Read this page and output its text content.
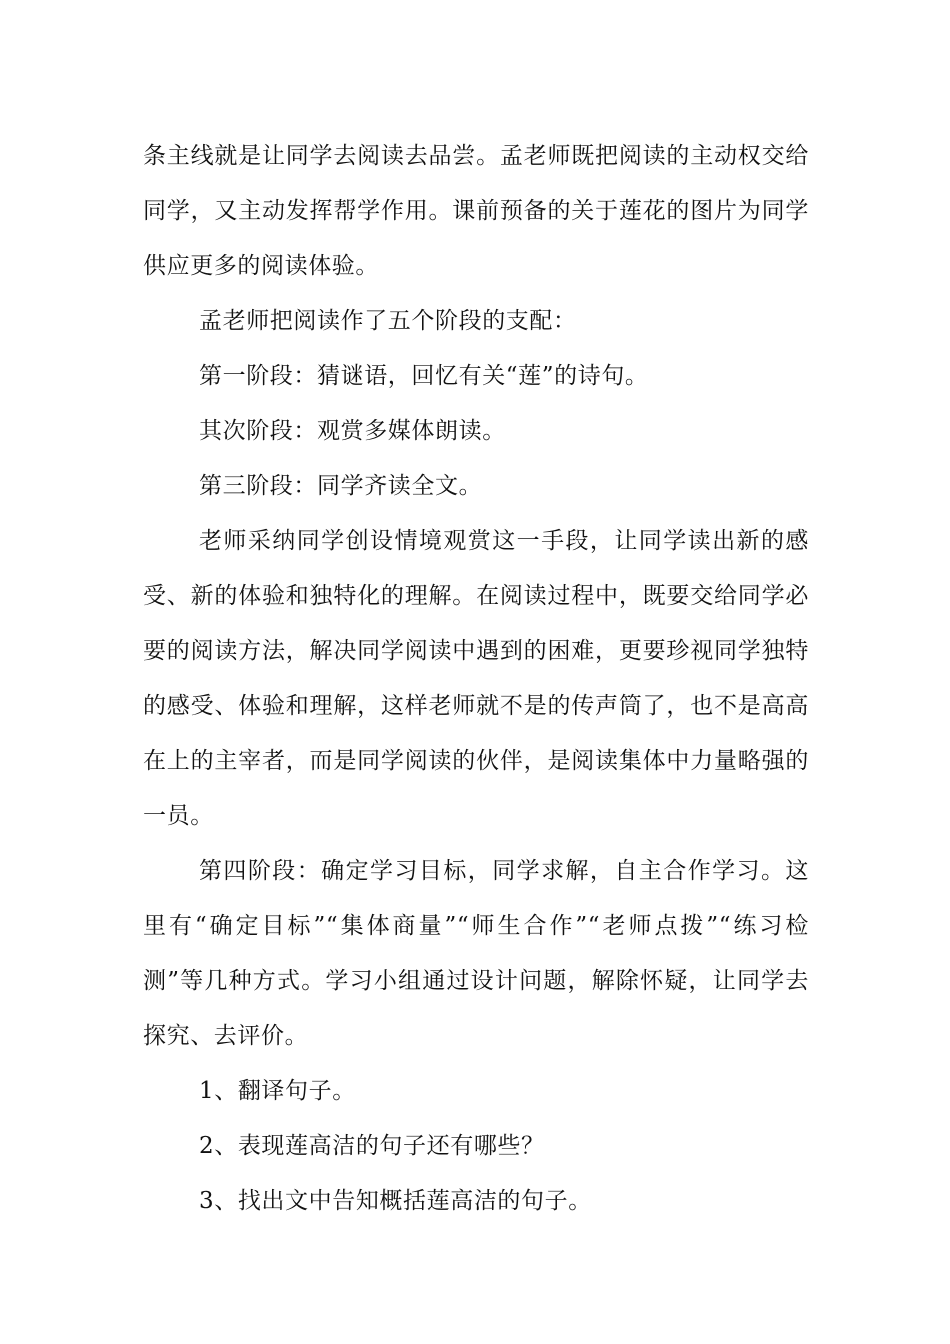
条主线就是让同学去阅读去品尝。孟老师既把阅读的主动权交给同学，又主动发挥帮学作用。课前预备的关于莲花的图片为同学供应更多的阅读体验。

孟老师把阅读作了五个阶段的支配：

第一阶段：猜谜语，回忆有关“莲”的诗句。

其次阶段：观赏多媒体朗读。

第三阶段：同学齐读全文。

老师采纳同学创设情境观赏这一手段，让同学读出新的感受、新的体验和独特化的理解。在阅读过程中，既要交给同学必要的阅读方法，解决同学阅读中遇到的困难，更要珍视同学独特的感受、体验和理解，这样老师就不是的传声筒了，也不是高高在上的主宰者，而是同学阅读的伙伴，是阅读集体中力量略强的一员。

第四阶段：确定学习目标，同学求解，自主合作学习。这里有“确定目标”“集体商量”“师生合作”“老师点拨”“练习检测”等几种方式。学习小组通过设计问题，解除怀疑，让同学去探究、去评价。

1、翻译句子。

2、表现莲高洁的句子还有哪些？

3、找出文中告知概括莲高洁的句子。
